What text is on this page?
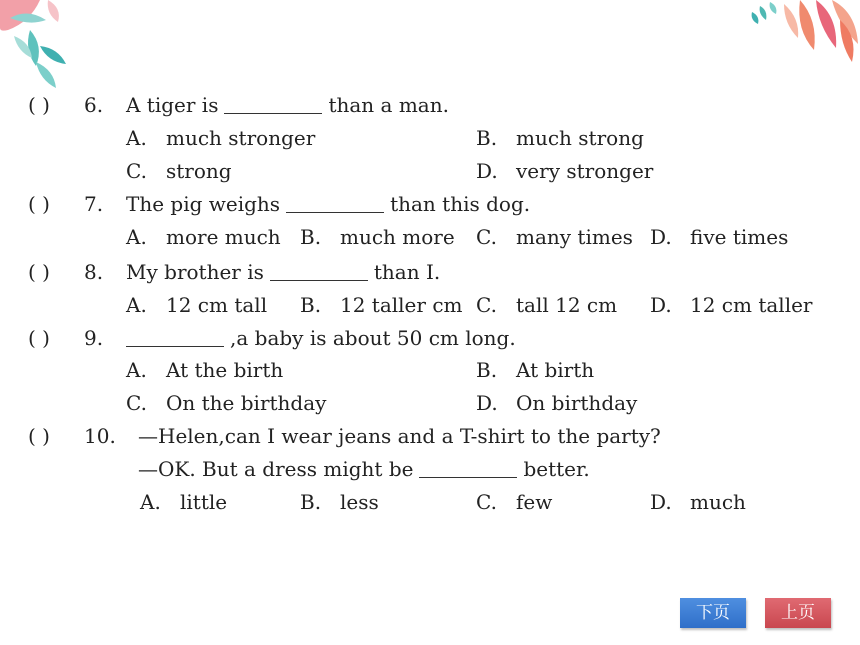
( ) 6. A tiger is	than a man.
A. much stronger	B. much strong
C. strong	D. very stronger
( ) 7. The pig weighs	than this dog.
A. more much B. much more C. many times D. five times
( ) 8. My brother is	than I.
A. 12 cm tall B. 12 taller cm C. tall 12 cm D. 12 cm taller
( ) 9.	,a baby is about 50 cm long.
A. At the birth	B. At birth
C. On the birthday	D. On birthday
( ) 10. —Helen,can I wear jeans and a T-shirt to the party?
—OK. But a dress might be	better.
A. little	B. less	C. few	D. much
下页	上页
